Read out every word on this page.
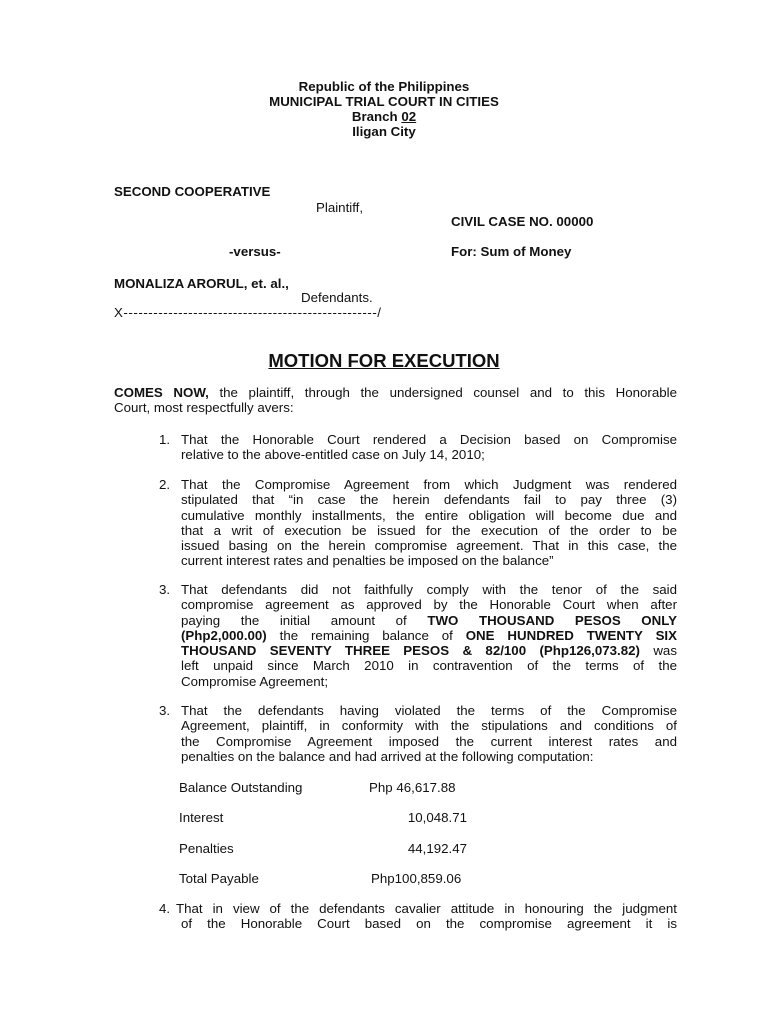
Republic of the Philippines
MUNICIPAL TRIAL COURT IN CITIES
Branch 02
Iligan City
SECOND COOPERATIVE
Plaintiff,
CIVIL CASE NO. 00000
-versus-	For: Sum of Money
MONALIZA ARORUL, et. al.,
Defendants.
X---------------------------------------------------/
MOTION FOR EXECUTION
COMES NOW, the plaintiff, through the undersigned counsel and to this Honorable
Court, most respectfully avers:
1. That the Honorable Court rendered a Decision based on Compromise
relative to the above-entitled case on July 14, 2010;
2. That the Compromise Agreement from which Judgment was rendered
stipulated that “in case the herein defendants fail to pay three (3)
cumulative monthly installments, the entire obligation will become due and
that a writ of execution be issued for the execution of the order to be
issued basing on the herein compromise agreement. That in this case, the
current interest rates and penalties be imposed on the balance”
3. That defendants did not faithfully comply with the tenor of the said
compromise agreement as approved by the Honorable Court when after
paying the initial amount of TWO THOUSAND PESOS ONLY
(Php2,000.00) the remaining balance of ONE HUNDRED TWENTY SIX
THOUSAND SEVENTY THREE PESOS & 82/100 (Php126,073.82) was
left unpaid since March 2010 in contravention of the terms of the
Compromise Agreement;
3. That the defendants having violated the terms of the Compromise
Agreement, plaintiff, in conformity with the stipulations and conditions of
the Compromise Agreement imposed the current interest rates and
penalties on the balance and had arrived at the following computation:
Balance Outstanding	Php 46,617.88
Interest	10,048.71
Penalties	44,192.47
Total Payable	Php100,859.06
4. That in view of the defendants cavalier attitude in honouring the judgment
of the Honorable Court based on the compromise agreement it is
